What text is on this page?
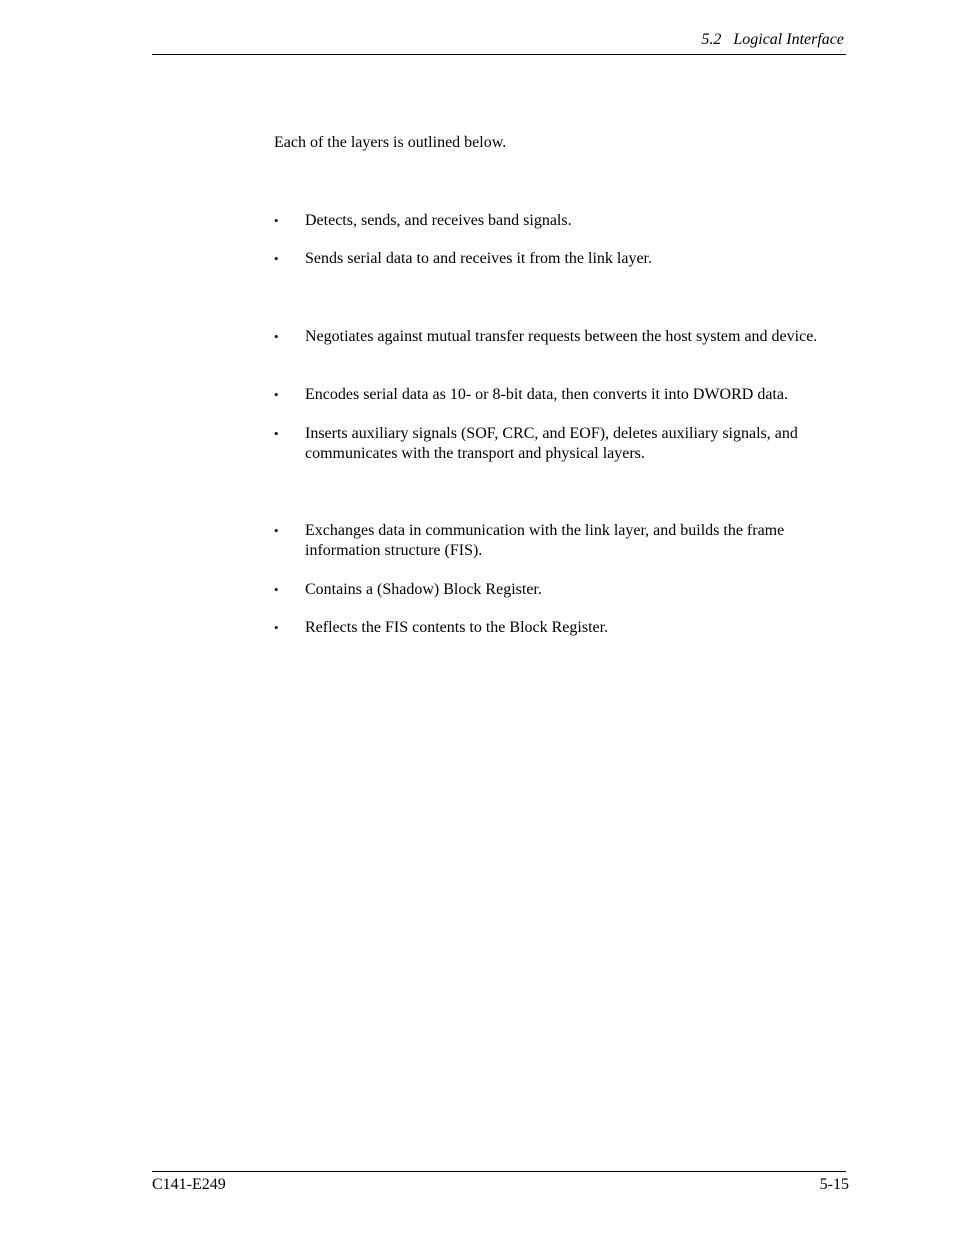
5.2   Logical Interface
Each of the layers is outlined below.
•	Detects, sends, and receives band signals.
•	Sends serial data to and receives it from the link layer.
•	Negotiates against mutual transfer requests between the host system and device.
•	Encodes serial data as 10- or 8-bit data, then converts it into DWORD data.
•	Inserts auxiliary signals (SOF, CRC, and EOF), deletes auxiliary signals, and communicates with the transport and physical layers.
•	Exchanges data in communication with the link layer, and builds the frame information structure (FIS).
•	Contains a (Shadow) Block Register.
•	Reflects the FIS contents to the Block Register.
C141-E249	5-15
